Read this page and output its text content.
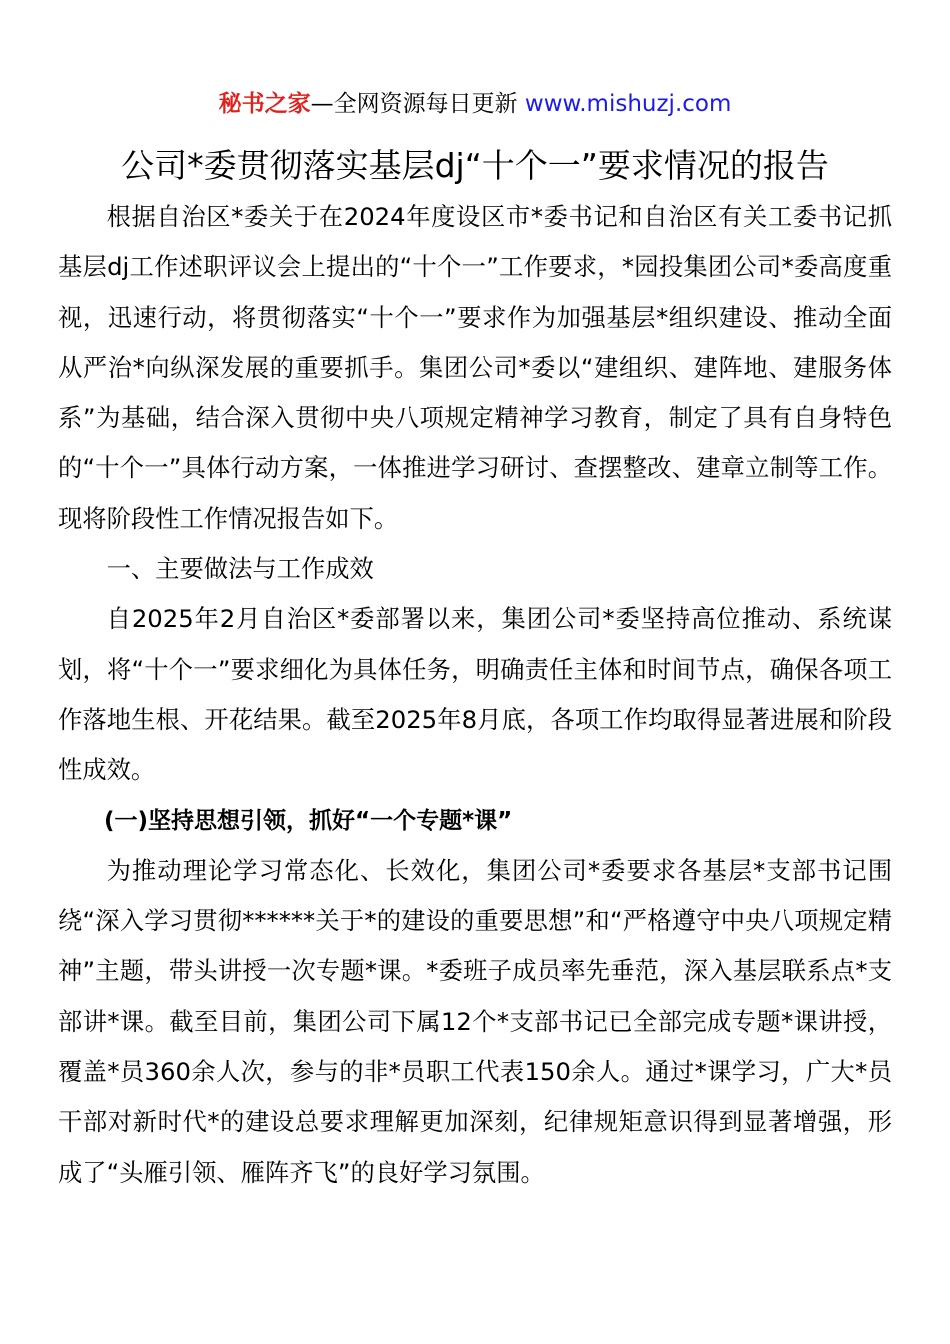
秘书之家—全网资源每日更新 www.mishuzj.com
公司*委贯彻落实基层dj“十个一”要求情况的报告

根据自治区*委关于在2024年度设区市*委书记和自治区有关工委书记抓基层dj工作述职评议会上提出的“十个一”工作要求，*园投集团公司*委高度重视，迅速行动，将贯彻落实“十个一”要求作为加强基层*组织建设、推动全面从严治*向纵深发展的重要抓手。集团公司*委以“建组织、建阵地、建服务体系”为基础，结合深入贯彻中央八项规定精神学习教育，制定了具有自身特色的“十个一”具体行动方案，一体推进学习研讨、查摆整改、建章立制等工作。现将阶段性工作情况报告如下。

一、主要做法与工作成效

自2025年2月自治区*委部署以来，集团公司*委坚持高位推动、系统谋划，将“十个一”要求细化为具体任务，明确责任主体和时间节点，确保各项工作落地生根、开花结果。截至2025年8月底，各项工作均取得显著进展和阶段性成效。

(一)坚持思想引领，抓好“一个专题*课”

为推动理论学习常态化、长效化，集团公司*委要求各基层*支部书记围绕“深入学习贯彻******关于*的建设的重要思想”和“严格遵守中央八项规定精神”主题，带头讲授一次专题*课。*委班子成员率先垂范，深入基层联系点*支部讲*课。截至目前，集团公司下属12个*支部书记已全部完成专题*课讲授，覆盖*员360余人次，参与的非*员职工代表150余人。通过*课学习，广大*员干部对新时代*的建设总要求理解更加深刻，纪律规矩意识得到显著增强，形成了“头雁引领、雁阵齐飞”的良好学习氛围。
